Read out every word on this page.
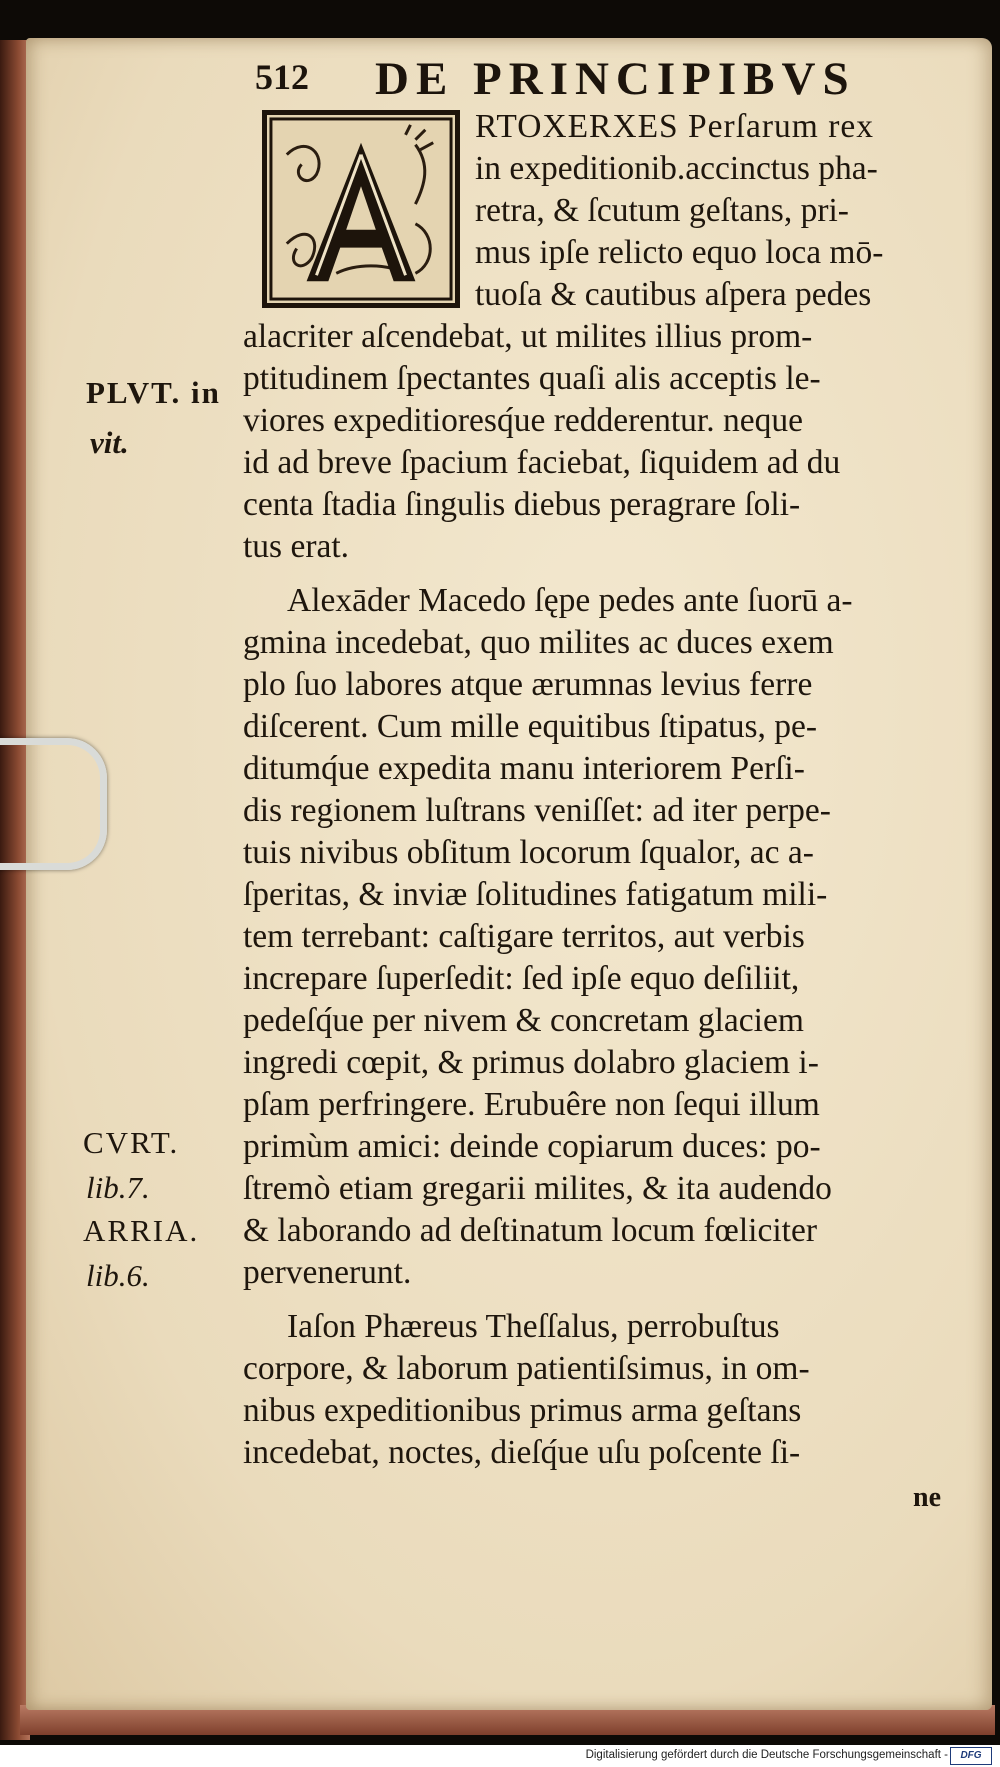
512 DE PRINCIPIBVS
RTOXERXES Perſarum rex
in expeditionib.accinctus pha-
retra, & ſcutum geſtans, pri-
mus ipſe relicto equo loca mō-
tuoſa & cautibus aſpera pedes
alacriter aſcendebat, ut milites illius prom-
ptitudinem ſpectantes quaſi alis acceptis le-
viores expeditioresq́ue redderentur. neque
id ad breve ſpacium faciebat, ſiquidem ad du
centa ſtadia ſingulis diebus peragrare ſoli-
tus erat.
Alexāder Macedo ſępe pedes ante ſuorū a-
gmina incedebat, quo milites ac duces exem
plo ſuo labores atque ærumnas levius ferre
diſcerent. Cum mille equitibus ſtipatus, pe-
ditumq́ue expedita manu interiorem Perſi-
dis regionem luſtrans veniſſet: ad iter perpe-
tuis nivibus obſitum locorum ſqualor, ac a-
ſperitas, & inviæ ſolitudines fatigatum mili-
tem terrebant: caſtigare territos, aut verbis
increpare ſuperſedit: ſed ipſe equo deſiliit,
pedeſq́ue per nivem & concretam glaciem
ingredi cœpit, & primus dolabro glaciem i-
pſam perfringere. Erubuêre non ſequi illum
primùm amici: deinde copiarum duces: po-
ſtremò etiam gregarii milites, & ita audendo
& laborando ad deſtinatum locum fœliciter
pervenerunt.
Iaſon Phæreus Theſſalus, perrobuſtus
corpore, & laborum patientiſsimus, in om-
nibus expeditionibus primus arma geſtans
incedebat, noctes, dieſq́ue uſu poſcente ſi-
ne
PLVT. in
vit.
CVRT.
lib.7.
ARRIA.
lib.6.
Digitalisierung gefördert durch die Deutsche Forschungsgemeinschaft -	DFG
